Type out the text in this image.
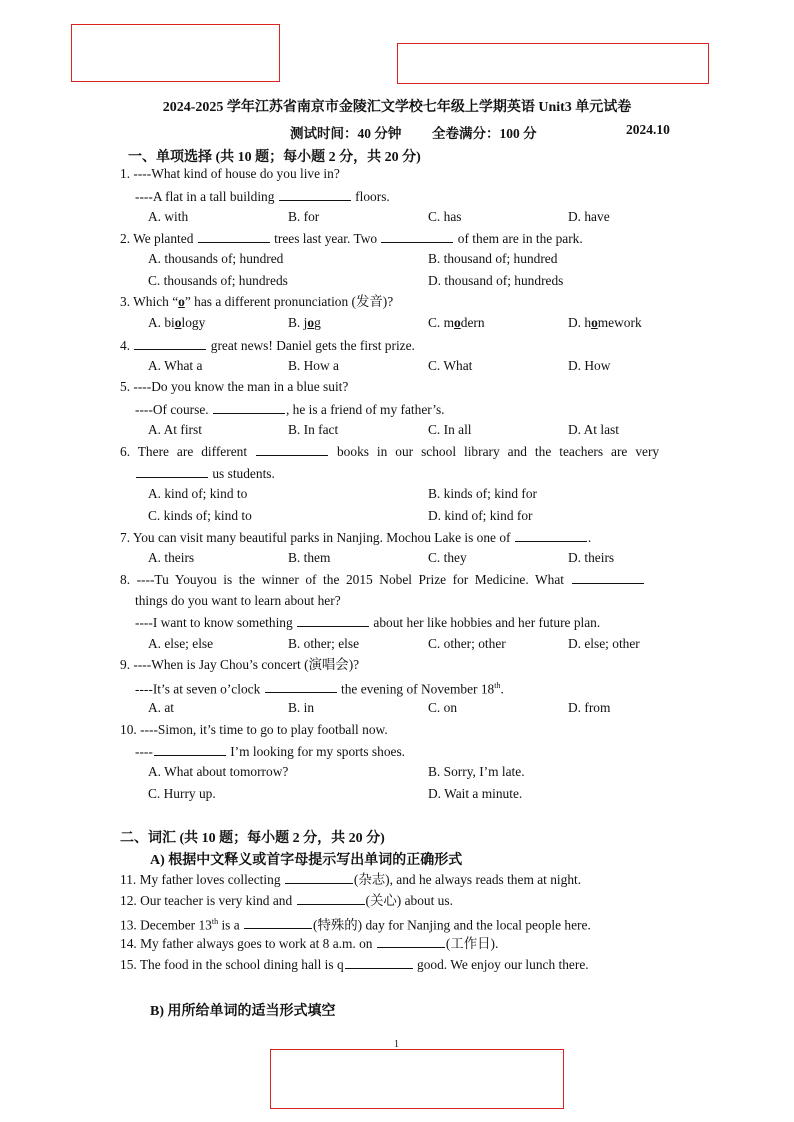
2024-2025 学年江苏省南京市金陵汇文学校七年级上学期英语 Unit3 单元试卷
测试时间：40 分钟 全卷满分：100 分	2024.10
一、单项选择 (共 10 题；每小题 2 分，共 20 分)
1. ----What kind of house do you live in?
----A flat in a tall building	floors.
A. with	B. for	C. has	D. have
2. We planted	trees last year. Two	of them are in the park.
A. thousands of; hundred	B. thousand of; hundred
C. thousands of; hundreds	D. thousand of; hundreds
3. Which “o” has a different pronunciation (发音)?
A. biology	B. jog	C. modern	D. homework
4.	great news! Daniel gets the first prize.
A. What a	B. How a	C. What	D. How
5. ----Do you know the man in a blue suit?
----Of course.	, he is a friend of my father’s.
A. At first	B. In fact	C. In all	D. At last
6. There are different	books in our school library and the teachers are very
us students.
A. kind of; kind to	B. kinds of; kind for
C. kinds of; kind to	D. kind of; kind for
7. You can visit many beautiful parks in Nanjing. Mochou Lake is one of	.
A. theirs	B. them	C. they	D. theirs
8. ----Tu Youyou is the winner of the 2015 Nobel Prize for Medicine. What
things do you want to learn about her?
----I want to know something	about her like hobbies and her future plan.
A. else; else	B. other; else	C. other; other	D. else; other
9. ----When is Jay Chou’s concert (演唱会)?
----It’s at seven o’clock	the evening of November 18th.
A. at	B. in	C. on	D. from
10. ----Simon, it’s time to go to play football now.
----	I’m looking for my sports shoes.
A. What about tomorrow?	B. Sorry, I’m late.
C. Hurry up.	D. Wait a minute.
二、词汇 (共 10 题；每小题 2 分，共 20 分)
A) 根据中文释义或首字母提示写出单词的正确形式
11. My father loves collecting	(杂志), and he always reads them at night.
12. Our teacher is very kind and	(关心) about us.
13. December 13th is a	(特殊的) day for Nanjing and the local people here.
14. My father always goes to work at 8 a.m. on	(工作日).
15. The food in the school dining hall is q	good. We enjoy our lunch there.
B) 用所给单词的适当形式填空
1
